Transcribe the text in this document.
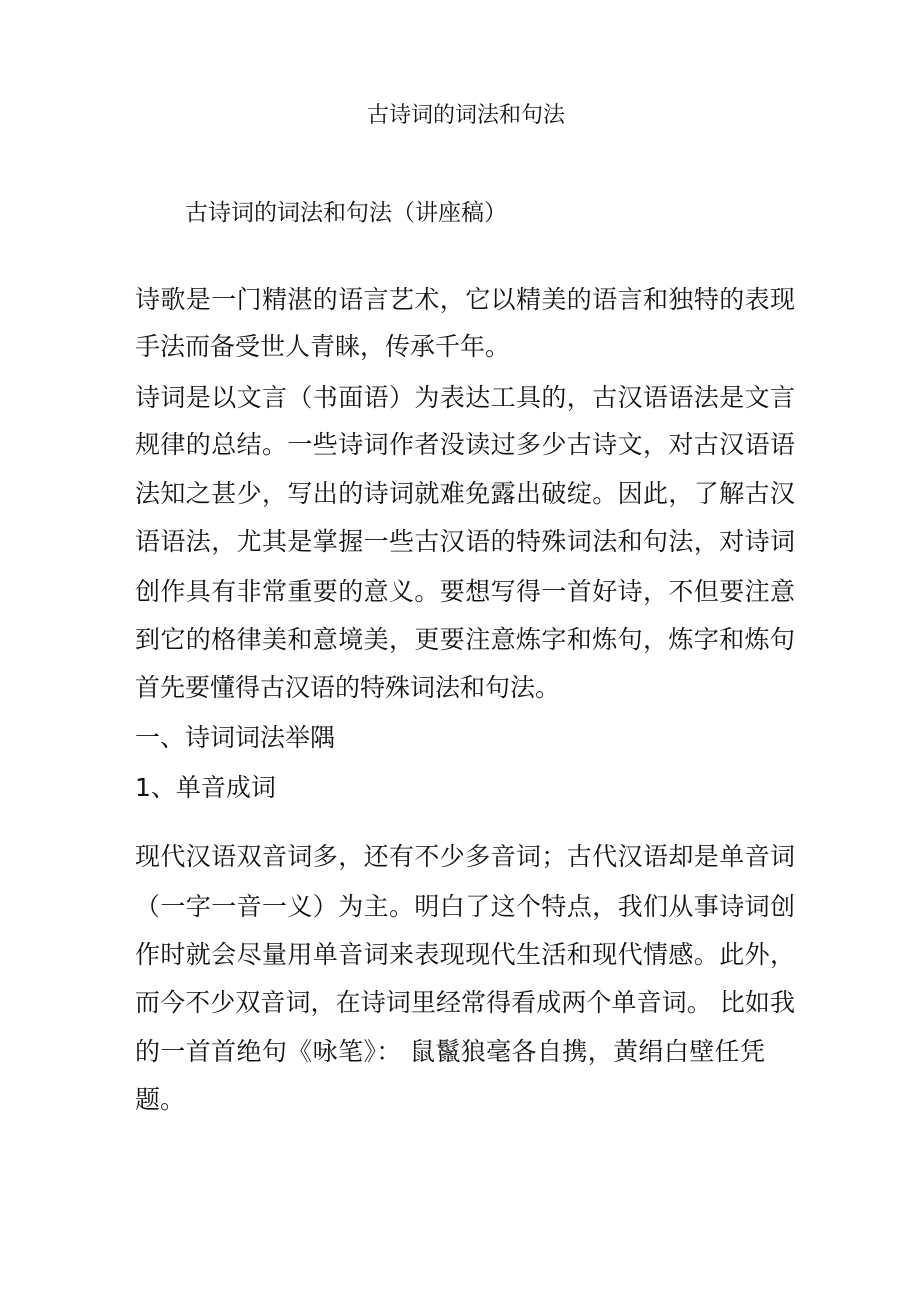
古诗词的词法和句法
古诗词的词法和句法（讲座稿）
诗歌是一门精湛的语言艺术，它以精美的语言和独特的表现
手法而备受世人青睐，传承千年。
诗词是以文言（书面语）为表达工具的，古汉语语法是文言
规律的总结。一些诗词作者没读过多少古诗文，对古汉语语
法知之甚少，写出的诗词就难免露出破绽。因此，了解古汉
语语法，尤其是掌握一些古汉语的特殊词法和句法，对诗词
创作具有非常重要的意义。要想写得一首好诗，不但要注意
到它的格律美和意境美，更要注意炼字和炼句，炼字和炼句
首先要懂得古汉语的特殊词法和句法。
一、诗词词法举隅
1、单音成词
现代汉语双音词多，还有不少多音词；古代汉语却是单音词
（一字一音一义）为主。明白了这个特点，我们从事诗词创
作时就会尽量用单音词来表现现代生活和现代情感。此外，
而今不少双音词，在诗词里经常得看成两个单音词。 比如我
的一首首绝句《咏笔》： 鼠鬣狼毫各自携，黄绢白壁任凭
题。
